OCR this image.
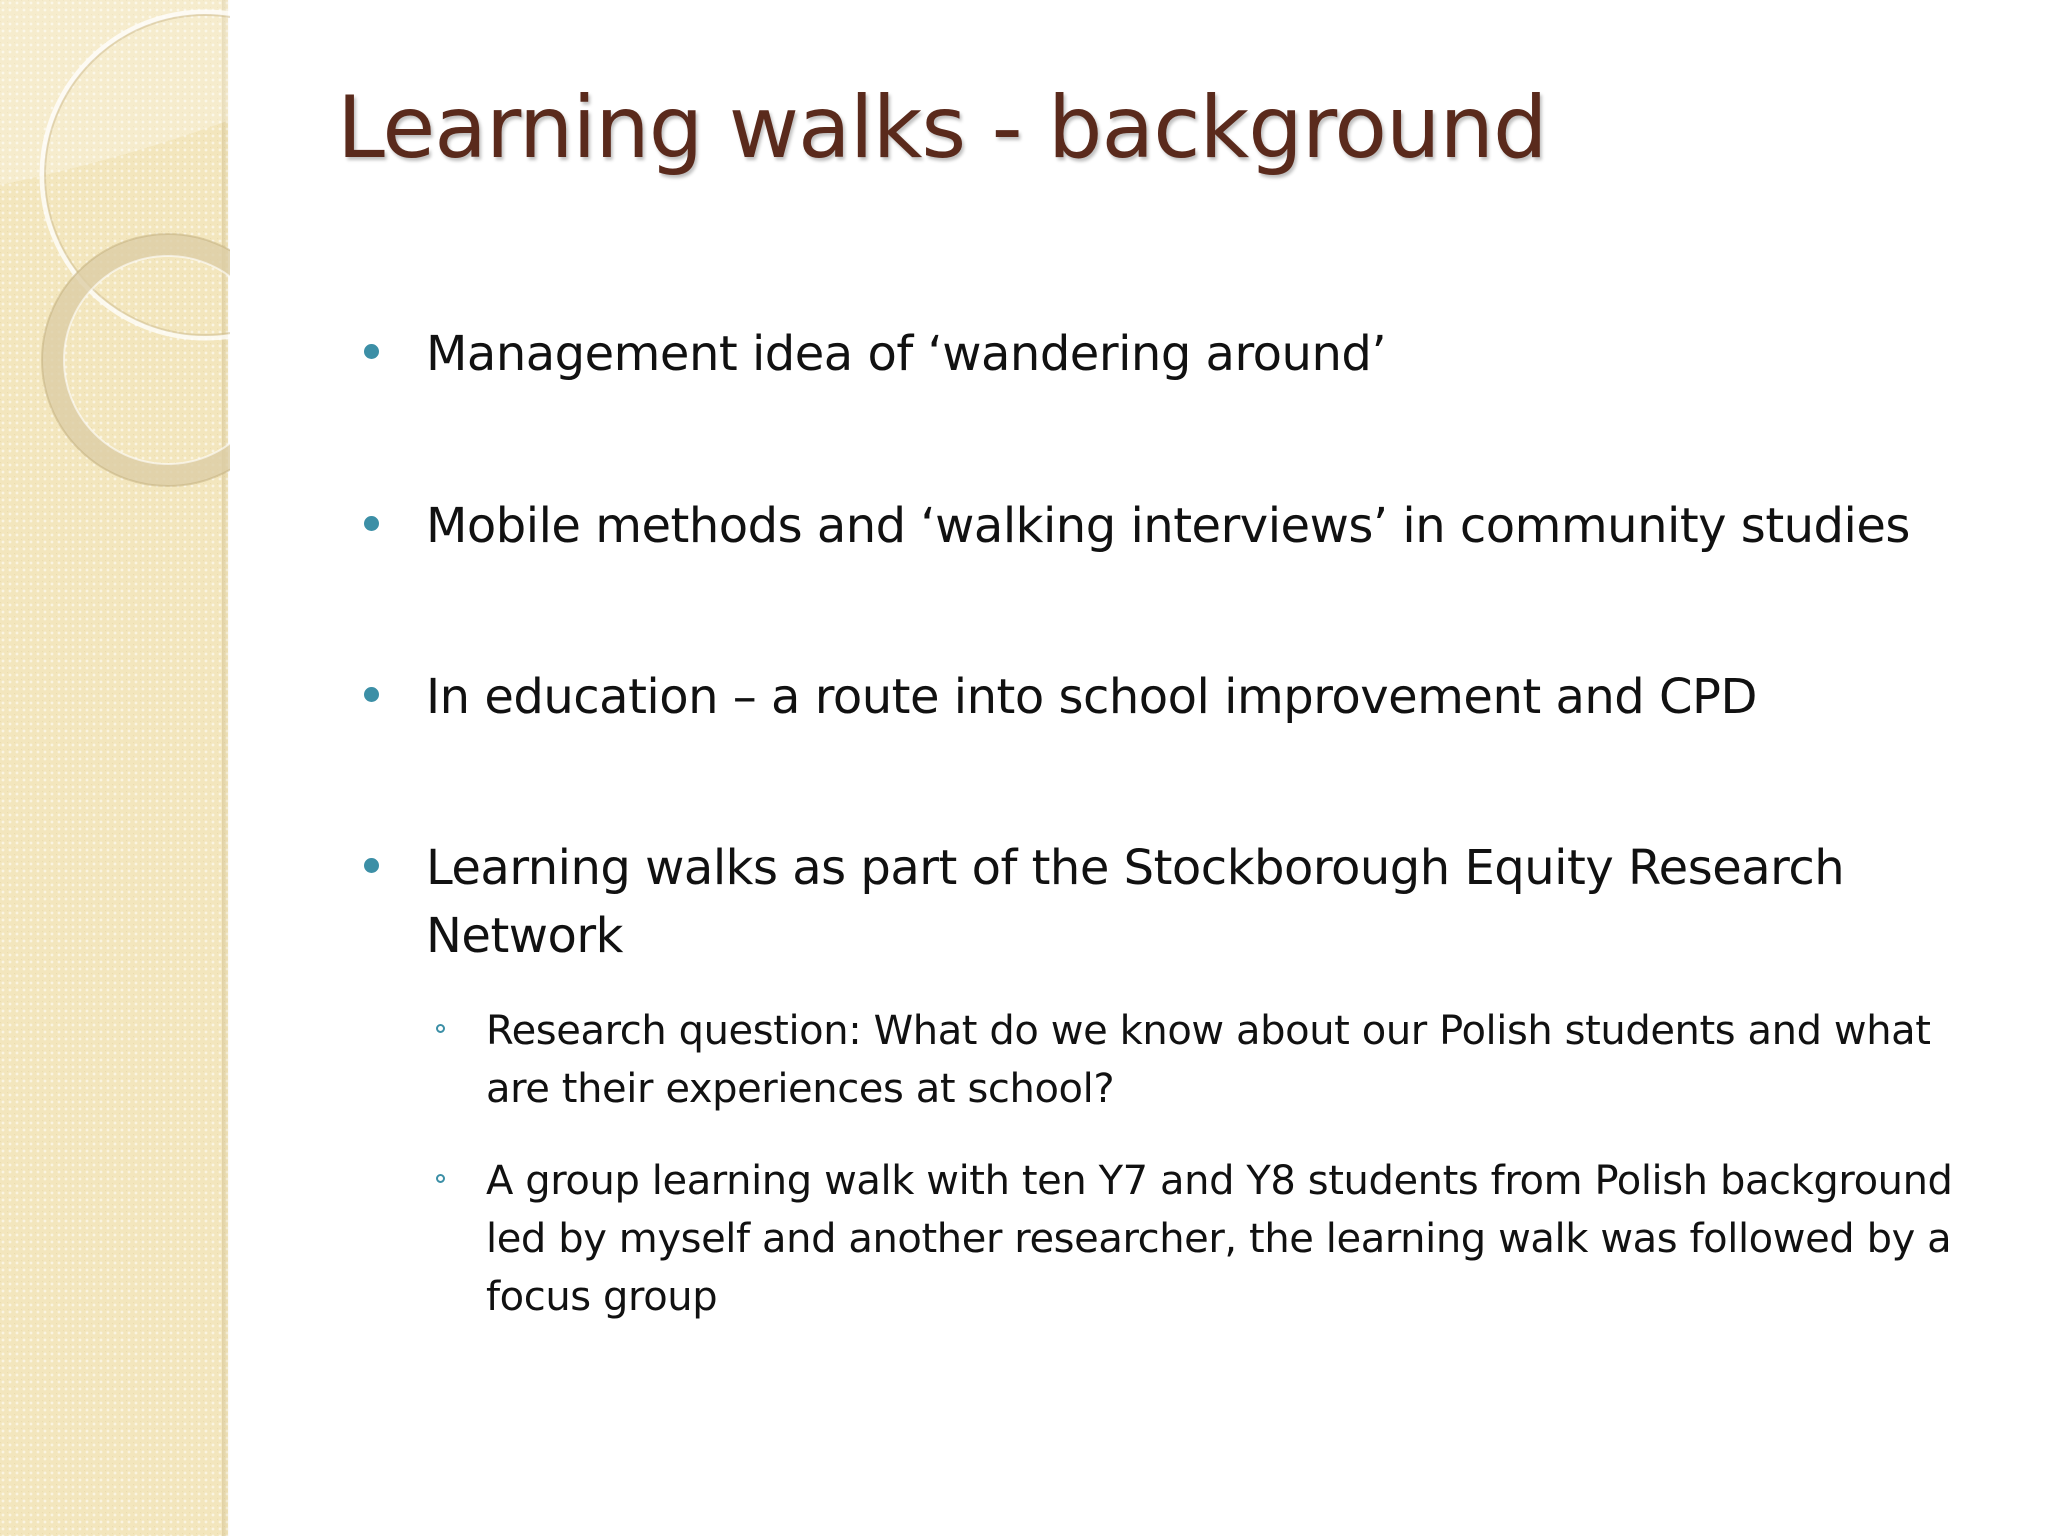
Learning walks - background
Management idea of ‘wandering around’
Mobile methods and ‘walking interviews’ in community studies
In education – a route into school improvement and CPD
Learning walks as part of the Stockborough Equity Research Network
Research question: What do we know about our Polish students and what are their experiences at school?
A group learning walk with ten Y7 and Y8 students from Polish background led by myself and another researcher, the learning walk was followed by a focus group
